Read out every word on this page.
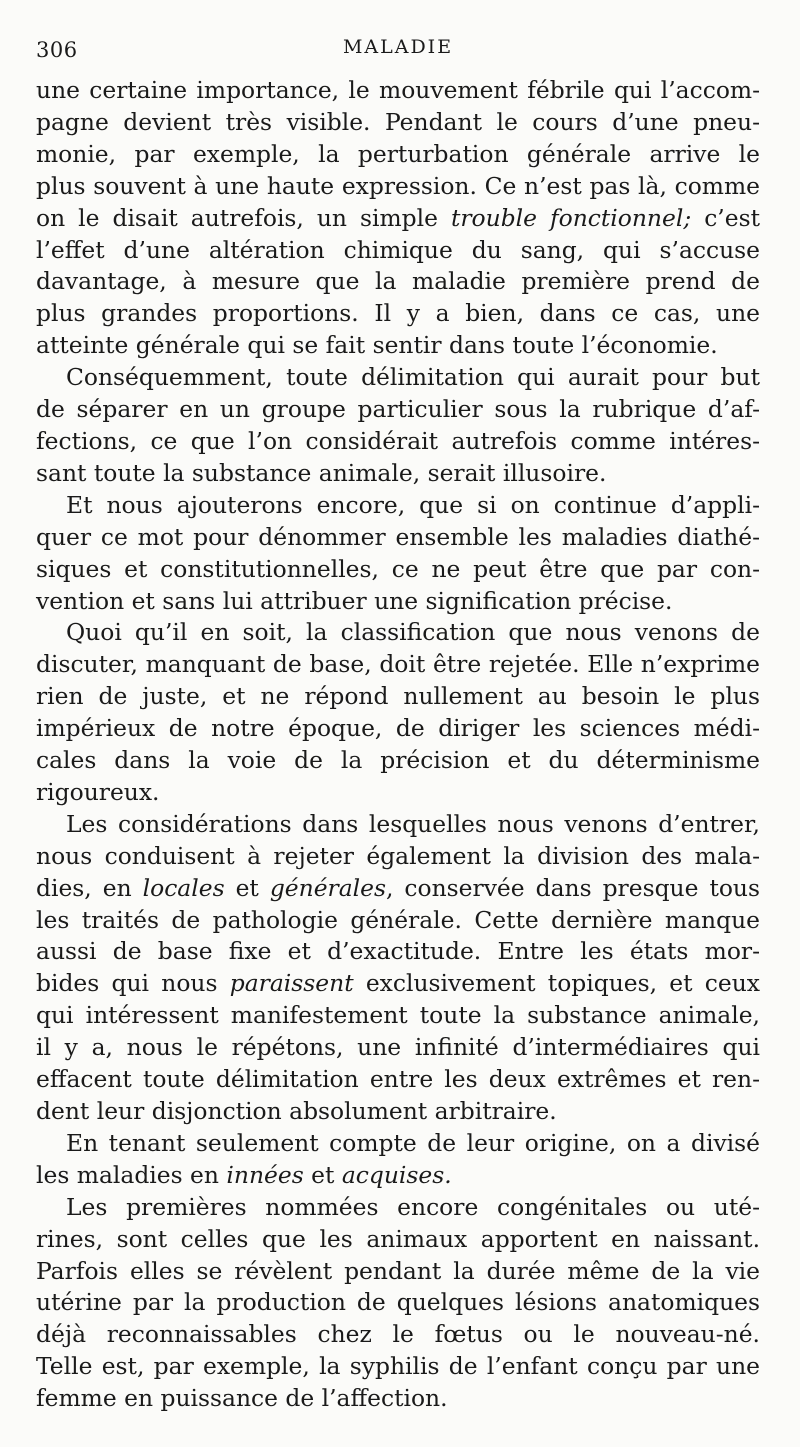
306	MALADIE
une certaine importance, le mouvement fébrile qui l’accom-
pagne devient très visible. Pendant le cours d’une pneu-
monie, par exemple, la perturbation générale arrive le
plus souvent à une haute expression. Ce n’est pas là, comme
on le disait autrefois, un simple trouble fonctionnel; c’est
l’effet d’une altération chimique du sang, qui s’accuse
davantage, à mesure que la maladie première prend de
plus grandes proportions. Il y a bien, dans ce cas, une
atteinte générale qui se fait sentir dans toute l’économie.
Conséquemment, toute délimitation qui aurait pour but
de séparer en un groupe particulier sous la rubrique d’af-
fections, ce que l’on considérait autrefois comme intéres-
sant toute la substance animale, serait illusoire.
Et nous ajouterons encore, que si on continue d’appli-
quer ce mot pour dénommer ensemble les maladies diathé-
siques et constitutionnelles, ce ne peut être que par con-
vention et sans lui attribuer une signification précise.
Quoi qu’il en soit, la classification que nous venons de
discuter, manquant de base, doit être rejetée. Elle n’exprime
rien de juste, et ne répond nullement au besoin le plus
impérieux de notre époque, de diriger les sciences médi-
cales dans la voie de la précision et du déterminisme
rigoureux.
Les considérations dans lesquelles nous venons d’entrer,
nous conduisent à rejeter également la division des mala-
dies, en locales et générales, conservée dans presque tous
les traités de pathologie générale. Cette dernière manque
aussi de base fixe et d’exactitude. Entre les états mor-
bides qui nous paraissent exclusivement topiques, et ceux
qui intéressent manifestement toute la substance animale,
il y a, nous le répétons, une infinité d’intermédiaires qui
effacent toute délimitation entre les deux extrêmes et ren-
dent leur disjonction absolument arbitraire.
En tenant seulement compte de leur origine, on a divisé
les maladies en innées et acquises.
Les premières nommées encore congénitales ou uté-
rines, sont celles que les animaux apportent en naissant.
Parfois elles se révèlent pendant la durée même de la vie
utérine par la production de quelques lésions anatomiques
déjà reconnaissables chez le fœtus ou le nouveau-né.
Telle est, par exemple, la syphilis de l’enfant conçu par une
femme en puissance de l’affection.
